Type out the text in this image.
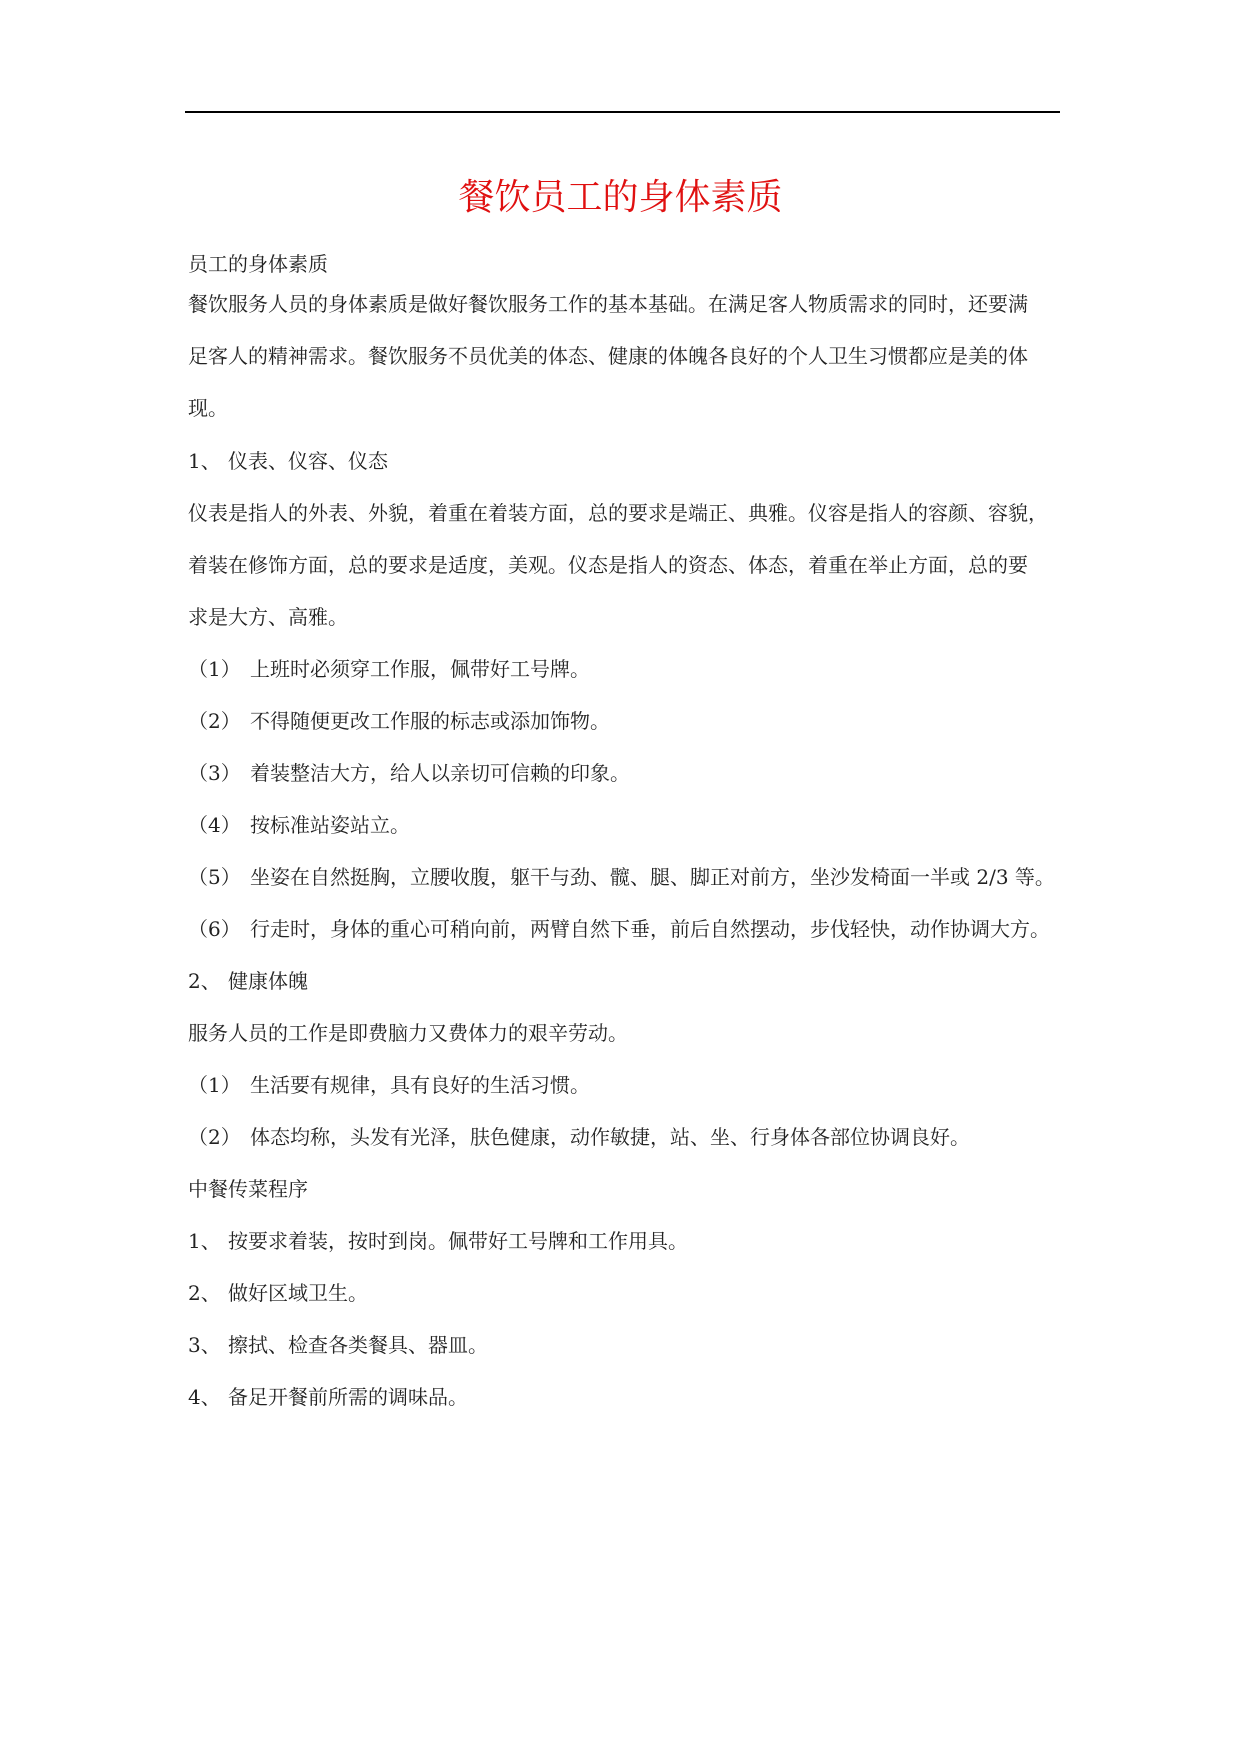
餐饮员工的身体素质
员工的身体素质
餐饮服务人员的身体素质是做好餐饮服务工作的基本基础。在满足客人物质需求的同时，还要满
足客人的精神需求。餐饮服务不员优美的体态、健康的体魄各良好的个人卫生习惯都应是美的体
现。
1、 仪表、仪容、仪态
仪表是指人的外表、外貌，着重在着装方面，总的要求是端正、典雅。仪容是指人的容颜、容貌，
着装在修饰方面，总的要求是适度，美观。仪态是指人的资态、体态，着重在举止方面，总的要
求是大方、高雅。
（1） 上班时必须穿工作服，佩带好工号牌。
（2） 不得随便更改工作服的标志或添加饰物。
（3） 着装整洁大方，给人以亲切可信赖的印象。
（4） 按标准站姿站立。
（5） 坐姿在自然挺胸，立腰收腹，躯干与劲、髋、腿、脚正对前方，坐沙发椅面一半或 2/3 等。
（6） 行走时，身体的重心可稍向前，两臂自然下垂，前后自然摆动，步伐轻快，动作协调大方。
2、 健康体魄
服务人员的工作是即费脑力又费体力的艰辛劳动。
（1） 生活要有规律，具有良好的生活习惯。
（2） 体态均称，头发有光泽，肤色健康，动作敏捷，站、坐、行身体各部位协调良好。
中餐传菜程序
1、 按要求着装，按时到岗。佩带好工号牌和工作用具。
2、 做好区域卫生。
3、 擦拭、检查各类餐具、器皿。
4、 备足开餐前所需的调味品。
